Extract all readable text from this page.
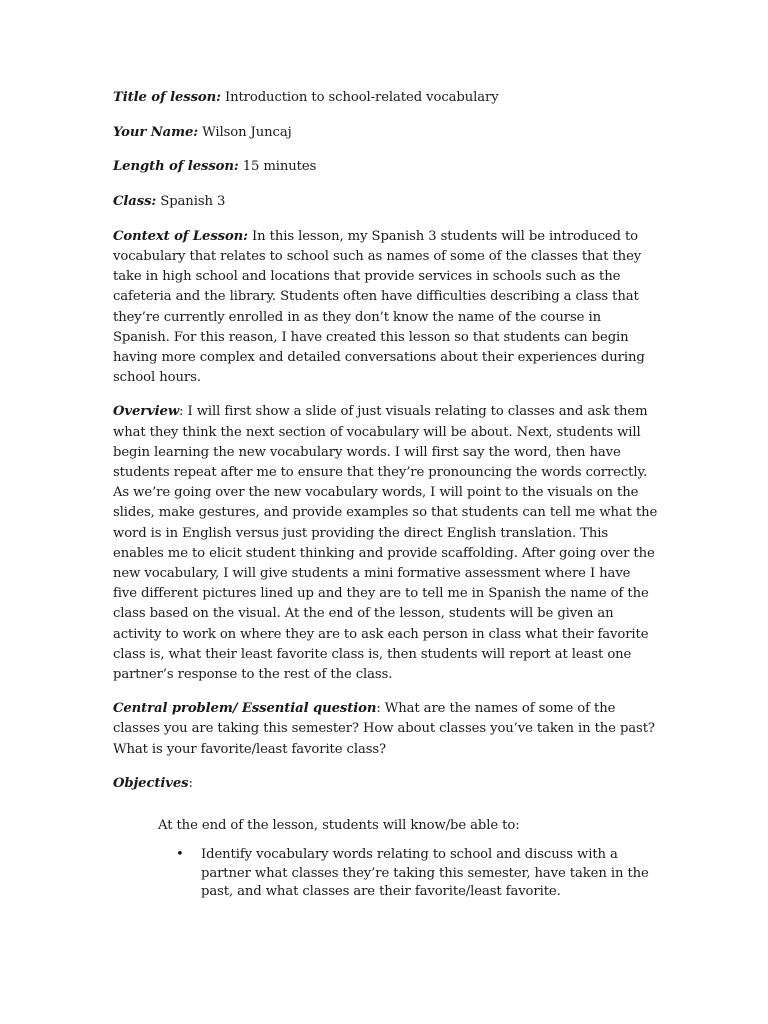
Title of lesson: Introduction to school-related vocabulary

Your Name: Wilson Juncaj

Length of lesson: 15 minutes

Class: Spanish 3

Context of Lesson: In this lesson, my Spanish 3 students will be introduced to vocabulary that relates to school such as names of some of the classes that they take in high school and locations that provide services in schools such as the cafeteria and the library. Students often have difficulties describing a class that they’re currently enrolled in as they don’t know the name of the course in Spanish. For this reason, I have created this lesson so that students can begin having more complex and detailed conversations about their experiences during school hours.

Overview: I will first show a slide of just visuals relating to classes and ask them what they think the next section of vocabulary will be about. Next, students will begin learning the new vocabulary words. I will first say the word, then have students repeat after me to ensure that they’re pronouncing the words correctly. As we’re going over the new vocabulary words, I will point to the visuals on the slides, make gestures, and provide examples so that students can tell me what the word is in English versus just providing the direct English translation. This enables me to elicit student thinking and provide scaffolding. After going over the new vocabulary, I will give students a mini formative assessment where I have five different pictures lined up and they are to tell me in Spanish the name of the class based on the visual. At the end of the lesson, students will be given an activity to work on where they are to ask each person in class what their favorite class is, what their least favorite class is, then students will report at least one partner’s response to the rest of the class.

Central problem/ Essential question: What are the names of some of the classes you are taking this semester? How about classes you’ve taken in the past? What is your favorite/least favorite class?

Objectives:

At the end of the lesson, students will know/be able to:

• Identify vocabulary words relating to school and discuss with a partner what classes they’re taking this semester, have taken in the past, and what classes are their favorite/least favorite.
